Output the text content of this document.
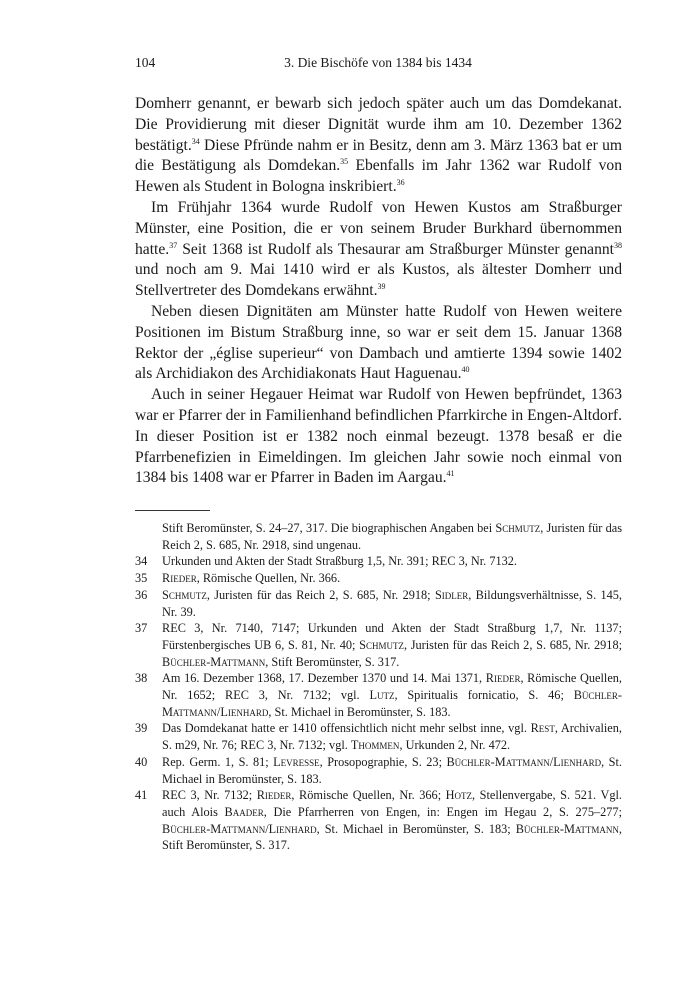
104	3. Die Bischöfe von 1384 bis 1434

Domherr genannt, er bewarb sich jedoch später auch um das Domdekanat. Die Providierung mit dieser Dignität wurde ihm am 10. Dezember 1362 bestätigt.$^{34}$ Diese Pfründe nahm er in Besitz, denn am 3. März 1363 bat er um die Bestätigung als Domdekan.$^{35}$ Ebenfalls im Jahr 1362 war Rudolf von Hewen als Student in Bologna inskribiert.$^{36}$

Im Frühjahr 1364 wurde Rudolf von Hewen Kustos am Straßburger Münster, eine Position, die er von seinem Bruder Burkhard übernommen hatte.$^{37}$ Seit 1368 ist Rudolf als Thesaurar am Straßburger Münster genannt$^{38}$ und noch am 9. Mai 1410 wird er als Kustos, als ältester Domherr und Stellvertreter des Domdekans erwähnt.$^{39}$

Neben diesen Dignitäten am Münster hatte Rudolf von Hewen weitere Positionen im Bistum Straßburg inne, so war er seit dem 15. Januar 1368 Rektor der „église superieur“ von Dambach und amtierte 1394 sowie 1402 als Archidiakon des Archidiakonats Haut Haguenau.$^{40}$

Auch in seiner Hegauer Heimat war Rudolf von Hewen bepfründet, 1363 war er Pfarrer der in Familienhand befindlichen Pfarrkirche in Engen-Altdorf. In dieser Position ist er 1382 noch einmal bezeugt. 1378 besaß er die Pfarrbenefizien in Eimeldingen. Im gleichen Jahr sowie noch einmal von 1384 bis 1408 war er Pfarrer in Baden im Aargau.$^{41}$

Stift Beromünster, S. 24–27, 317. Die biographischen Angaben bei Schmutz, Juristen für das Reich 2, S. 685, Nr. 2918, sind ungenau.
34 Urkunden und Akten der Stadt Straßburg 1,5, Nr. 391; REC 3, Nr. 7132.
35 Rieder, Römische Quellen, Nr. 366.
36 Schmutz, Juristen für das Reich 2, S. 685, Nr. 2918; Sidler, Bildungsverhältnisse, S. 145, Nr. 39.
37 REC 3, Nr. 7140, 7147; Urkunden und Akten der Stadt Straßburg 1,7, Nr. 1137; Fürstenbergisches UB 6, S. 81, Nr. 40; Schmutz, Juristen für das Reich 2, S. 685, Nr. 2918; Büchler-Mattmann, Stift Beromünster, S. 317.
38 Am 16. Dezember 1368, 17. Dezember 1370 und 14. Mai 1371, Rieder, Römische Quellen, Nr. 1652; REC 3, Nr. 7132; vgl. Lutz, Spiritualis fornicatio, S. 46; Büchler-Mattmann/Lienhard, St. Michael in Beromünster, S. 183.
39 Das Domdekanat hatte er 1410 offensichtlich nicht mehr selbst inne, vgl. Rest, Archivalien, S. m29, Nr. 76; REC 3, Nr. 7132; vgl. Thommen, Urkunden 2, Nr. 472.
40 Rep. Germ. 1, S. 81; Levresse, Prosopographie, S. 23; Büchler-Mattmann/Lienhard, St. Michael in Beromünster, S. 183.
41 REC 3, Nr. 7132; Rieder, Römische Quellen, Nr. 366; Hotz, Stellenvergabe, S. 521. Vgl. auch Alois Baader, Die Pfarrherren von Engen, in: Engen im Hegau 2, S. 275–277; Büchler-Mattmann/Lienhard, St. Michael in Beromünster, S. 183; Büchler-Mattmann, Stift Beromünster, S. 317.
